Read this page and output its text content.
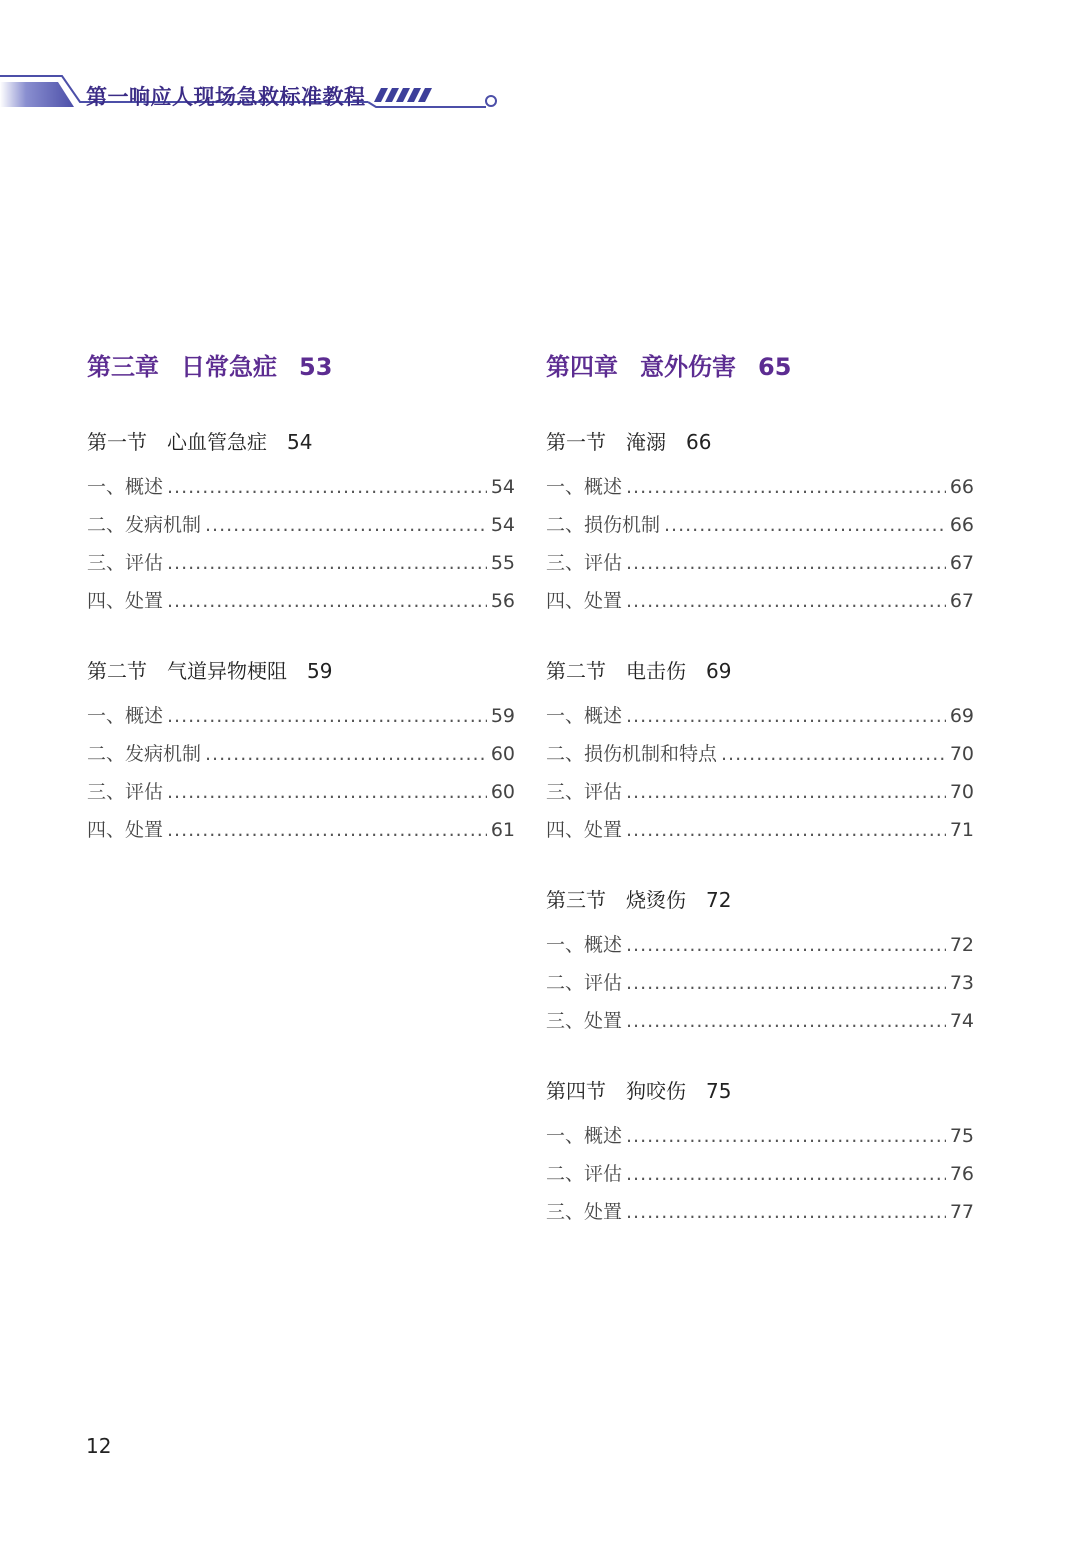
第一响应人现场急救标准教程
第三章 日常急症 53
第一节 心血管急症 54
一、概述 .....	54
二、发病机制 .....	54
三、评估 .....	55
四、处置 .....	56
第二节 气道异物梗阻 59
一、概述 .....	59
二、发病机制 .....	60
三、评估 .....	60
四、处置 .....	61
第四章 意外伤害 65
第一节 淹溺 66
一、概述 .....	66
二、损伤机制 .....	66
三、评估 .....	67
四、处置 .....	67
第二节 电击伤 69
一、概述 .....	69
二、损伤机制和特点 .....	70
三、评估 .....	70
四、处置 .....	71
第三节 烧烫伤 72
一、概述 .....	72
二、评估 .....	73
三、处置 .....	74
第四节 狗咬伤 75
一、概述 .....	75
二、评估 .....	76
三、处置 .....	77
12
